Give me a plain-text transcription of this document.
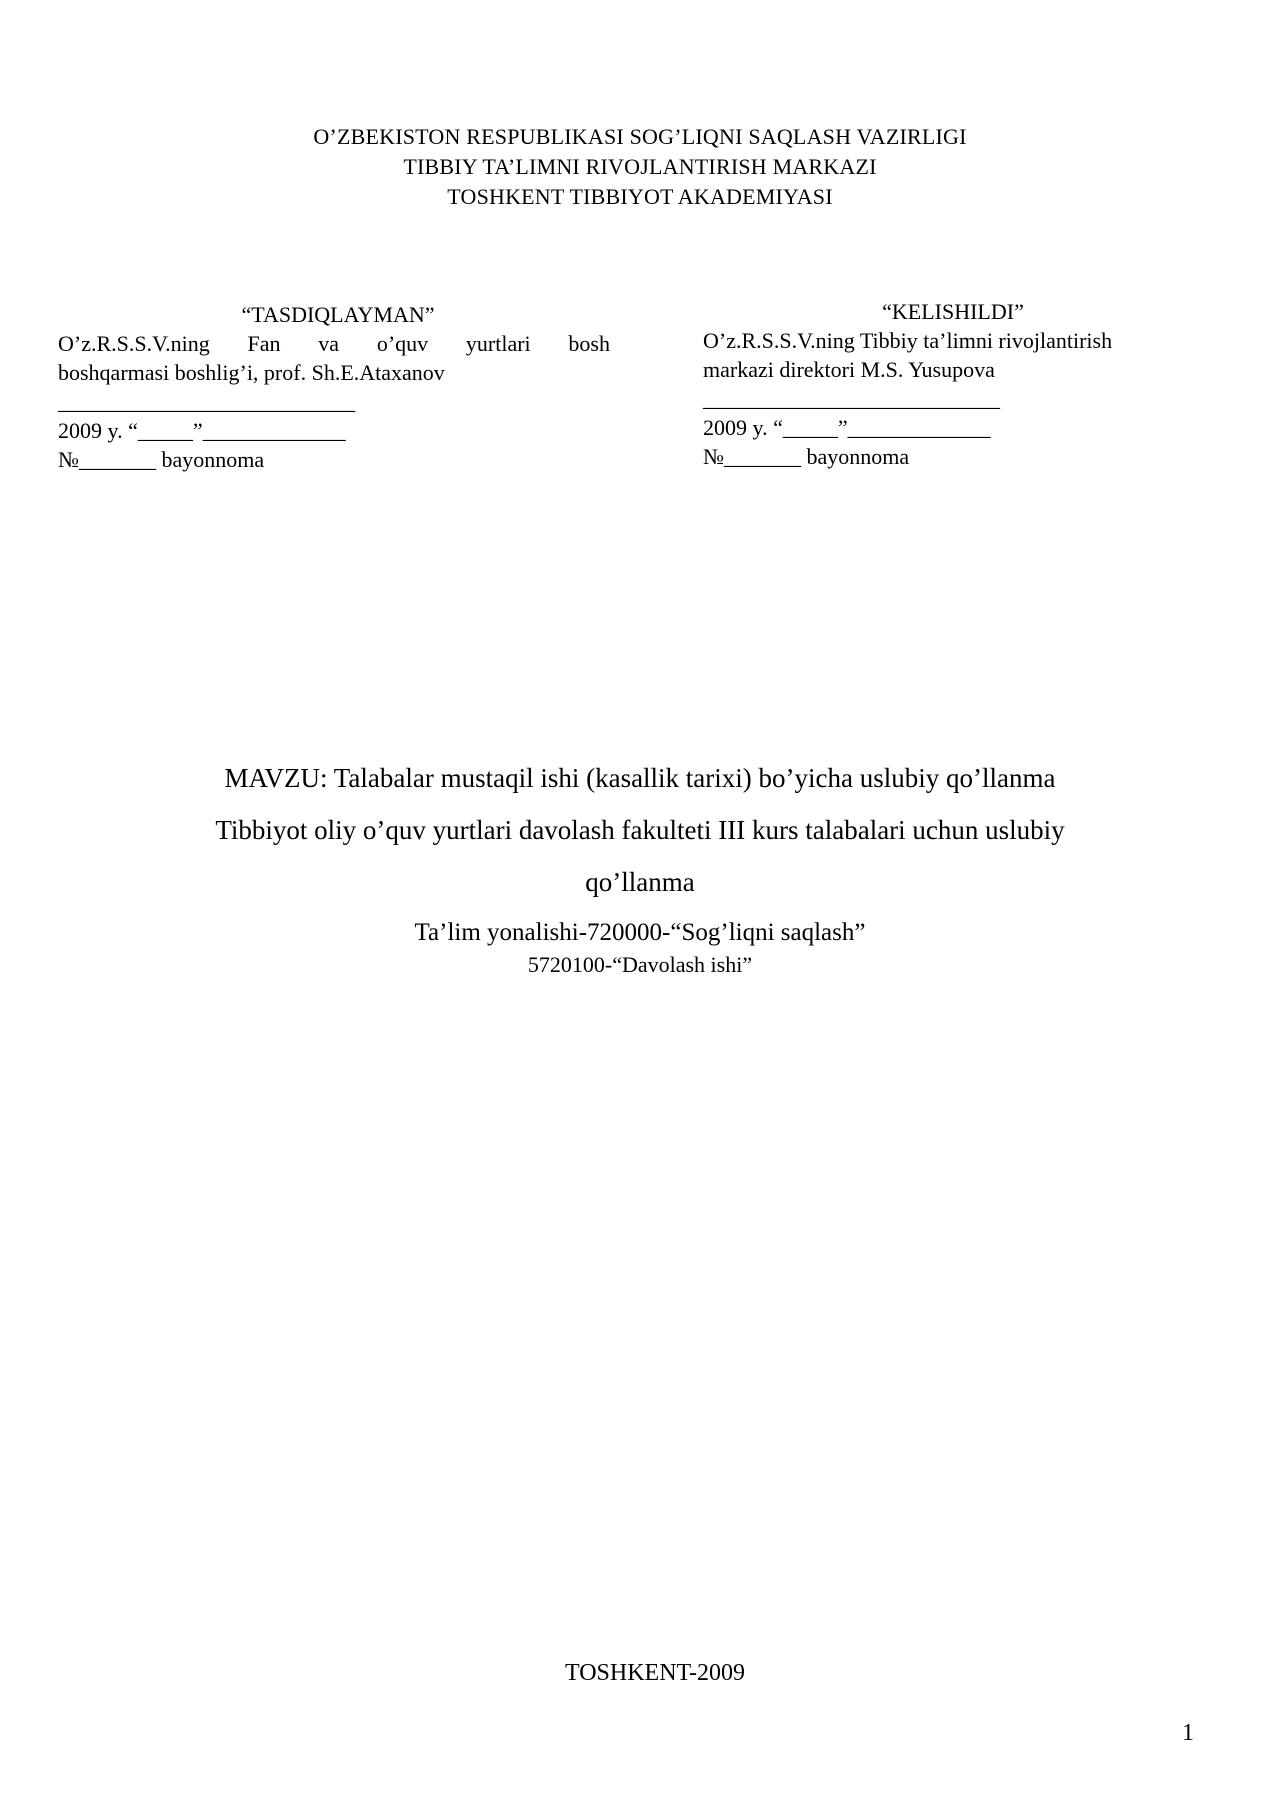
O’ZBEKISTON RESPUBLIKASI SOG’LIQNI SAQLASH VAZIRLIGI
TIBBIY TA’LIMNI RIVOJLANTIRISH MARKAZI
TOSHKENT TIBBIYOT AKADEMIYASI
“TASDIQLAYMAN”
O’z.R.S.S.V.ning Fan va o’quv yurtlari bosh
boshqarmasi boshlig’i, prof. Sh.E.Ataxanov
___________________________
2009 y. “_____”_____________
№_______ bayonnoma
“KELISHILDI”
O’z.R.S.S.V.ning Tibbiy ta’limni rivojlantirish
markazi direktori M.S. Yusupova
___________________________
2009 y. “_____”_____________
№_______ bayonnoma
MAVZU: Talabalar mustaqil ishi (kasallik tarixi) bo’yicha uslubiy qo’llanma
Tibbiyot oliy o’quv yurtlari davolash fakulteti III kurs talabalari uchun uslubiy
qo’llanma
Ta’lim yonalishi-720000-“Sog’liqni saqlash”
5720100-“Davolash ishi”
TOSHKENT-2009
1
